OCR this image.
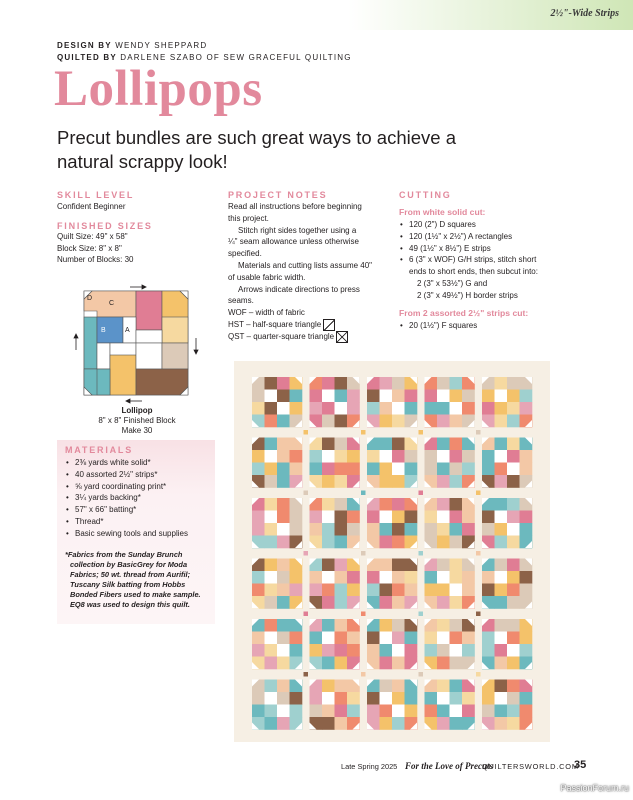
2½"-Wide Strips
DESIGN BY WENDY SHEPPARD
QUILTED BY DARLENE SZABO OF SEW GRACEFUL QUILTING
Lollipops
Precut bundles are such great ways to achieve a natural scrappy look!
SKILL LEVEL
Confident Beginner
FINISHED SIZES
Quilt Size: 49" x 58"
Block Size: 8" x 8"
Number of Blocks: 30
D
C
B	A
Lollipop
8" x 8" Finished Block
Make 30
MATERIALS
• 2⅜ yards white solid*
• 40 assorted 2½" strips*
• ⅝ yard coordinating print*
• 3¼ yards backing*
• 57" x 66" batting*
• Thread*
• Basic sewing tools and supplies
*Fabrics from the Sunday Brunch
collection by BasicGrey for Moda
Fabrics; 50 wt. thread from Aurifil;
Tuscany Silk batting from Hobbs
Bonded Fibers used to make sample.
EQ8 was used to design this quilt.
PROJECT NOTES
Read all instructions before beginning
this project.
Stitch right sides together using a
¼" seam allowance unless otherwise
specified.
Materials and cutting lists assume 40"
of usable fabric width.
Arrows indicate directions to press
seams.
WOF – width of fabric
HST – half-square triangle
QST – quarter-square triangle
CUTTING
From white solid cut:
• 120 (2") D squares
• 120 (1½" x 2½") A rectangles
• 49 (1½" x 8½") E strips
• 6 (3" x WOF) G/H strips, stitch short
ends to short ends, then subcut into:
2 (3" x 53½") G and
2 (3" x 49½") H border strips
From 2 assorted 2½" strips cut:
• 20 (1½") F squares
Late Spring 2025 For the Love of Precuts
QUILTERSWORLD.COM
35
PassionForum.ru
